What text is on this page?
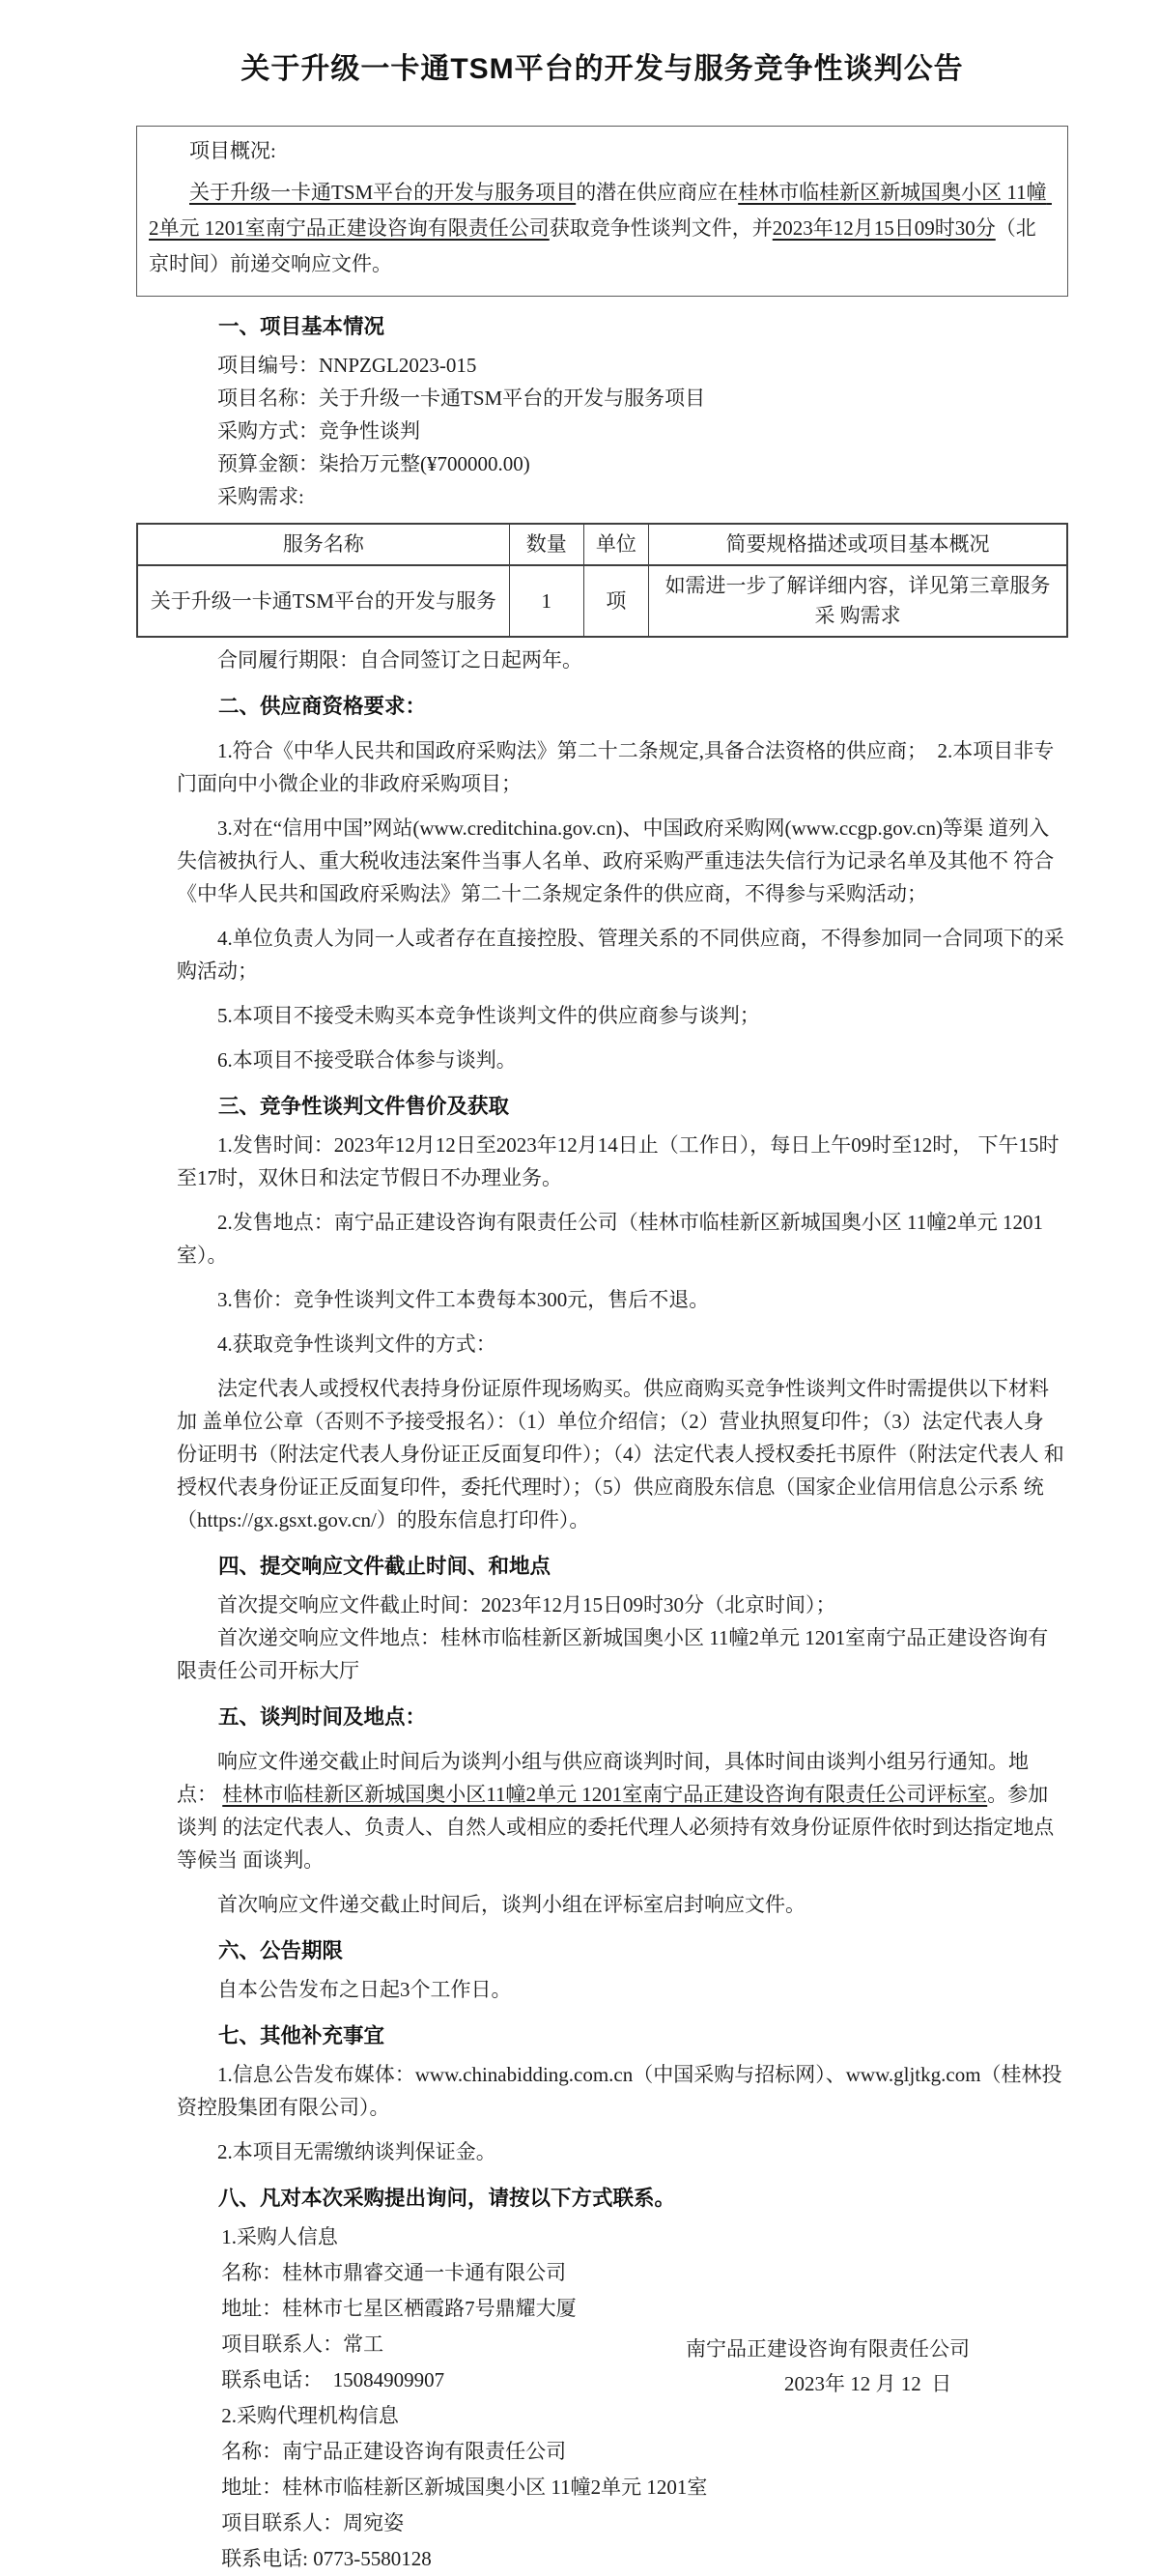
关于升级一卡通TSM平台的开发与服务竞争性谈判公告
项目概况:
关于升级一卡通TSM平台的开发与服务项目的潜在供应商应在桂林市临桂新区新城国奥小区 11幢 2单元 1201室南宁品正建设咨询有限责任公司获取竞争性谈判文件，并2023年12月15日09时30分（北京时间）前递交响应文件。
一、项目基本情况
项目编号：NNPZGL2023-015
项目名称：关于升级一卡通TSM平台的开发与服务项目
采购方式：竞争性谈判
预算金额：柒拾万元整(¥700000.00)
采购需求:
服务名称	数量	单位	简要规格描述或项目基本概况
关于升级一卡通TSM平台的开发与服务	1	项	如需进一步了解详细内容，详见第三章服务 采 购需求
合同履行期限：自合同签订之日起两年。
二、供应商资格要求：
1.符合《中华人民共和国政府采购法》第二十二条规定,具备合法资格的供应商；  2.本项目非专门面向中小微企业的非政府采购项目；
3.对在“信用中国”网站(www.creditchina.gov.cn)、中国政府采购网(www.ccgp.gov.cn)等渠 道列入失信被执行人、重大税收违法案件当事人名单、政府采购严重违法失信行为记录名单及其他不 符合《中华人民共和国政府采购法》第二十二条规定条件的供应商，不得参与采购活动；
4.单位负责人为同一人或者存在直接控股、管理关系的不同供应商，不得参加同一合同项下的采 购活动；
5.本项目不接受未购买本竞争性谈判文件的供应商参与谈判；
6.本项目不接受联合体参与谈判。
三、竞争性谈判文件售价及获取
1.发售时间：2023年12月12日至2023年12月14日止（工作日），每日上午09时至12时， 下午15时至17时，双休日和法定节假日不办理业务。
2.发售地点：南宁品正建设咨询有限责任公司（桂林市临桂新区新城国奥小区 11幢2单元 1201室）。
3.售价：竞争性谈判文件工本费每本300元，售后不退。
4.获取竞争性谈判文件的方式：
法定代表人或授权代表持身份证原件现场购买。供应商购买竞争性谈判文件时需提供以下材料加 盖单位公章（否则不予接受报名）：（1）单位介绍信；（2）营业执照复印件；（3）法定代表人身 份证明书（附法定代表人身份证正反面复印件）；（4）法定代表人授权委托书原件（附法定代表人 和授权代表身份证正反面复印件，委托代理时）；（5）供应商股东信息（国家企业信用信息公示系 统（https://gx.gsxt.gov.cn/）的股东信息打印件）。
四、提交响应文件截止时间、和地点
首次提交响应文件截止时间：2023年12月15日09时30分（北京时间）；
首次递交响应文件地点：桂林市临桂新区新城国奥小区 11幢2单元 1201室南宁品正建设咨询有限责任公司开标大厅
五、谈判时间及地点：
响应文件递交截止时间后为谈判小组与供应商谈判时间，具体时间由谈判小组另行通知。地点： 桂林市临桂新区新城国奥小区11幢2单元 1201室南宁品正建设咨询有限责任公司评标室。参加谈判 的法定代表人、负责人、自然人或相应的委托代理人必须持有效身份证原件依时到达指定地点等候当 面谈判。
首次响应文件递交截止时间后，谈判小组在评标室启封响应文件。
六、公告期限
自本公告发布之日起3个工作日。
七、其他补充事宜
1.信息公告发布媒体：www.chinabidding.com.cn（中国采购与招标网）、www.gljtkg.com（桂林投资控股集团有限公司）。
2.本项目无需缴纳谈判保证金。
八、凡对本次采购提出询问，请按以下方式联系。
1.采购人信息
名称：桂林市鼎睿交通一卡通有限公司
地址：桂林市七星区栖霞路7号鼎耀大厦
项目联系人：常工
联系电话：  15084909907
2.采购代理机构信息
名称：南宁品正建设咨询有限责任公司
地址：桂林市临桂新区新城国奥小区 11幢2单元 1201室
项目联系人：周宛姿
联系电话: 0773-5580128
南宁品正建设咨询有限责任公司
2023年 12 月 12  日
